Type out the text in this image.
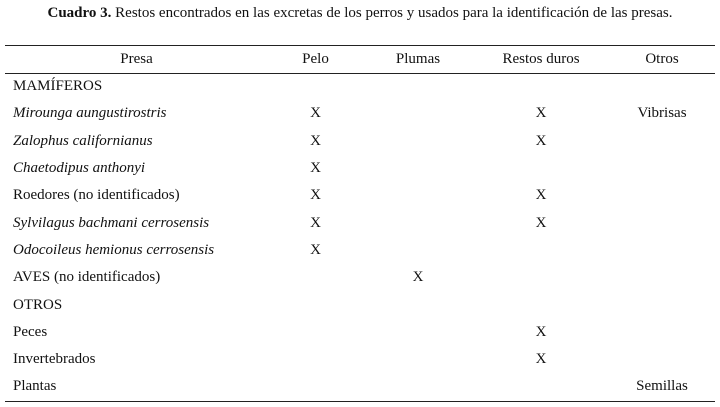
Cuadro 3. Restos encontrados en las excretas de los perros y usados para la identificación de las presas.
Presa	Pelo	Plumas	Restos duros	Otros
MAMÍFEROS				
Mirounga aungustirostris	X		X	Vibrisas
Zalophus californianus	X		X	
Chaetodipus anthonyi	X			
Roedores (no identificados)	X		X	
Sylvilagus bachmani cerrosensis	X		X	
Odocoileus hemionus cerrosensis	X			
AVES (no identificados)		X		
OTROS				
Peces			X	
Invertebrados			X	
Plantas				Semillas
